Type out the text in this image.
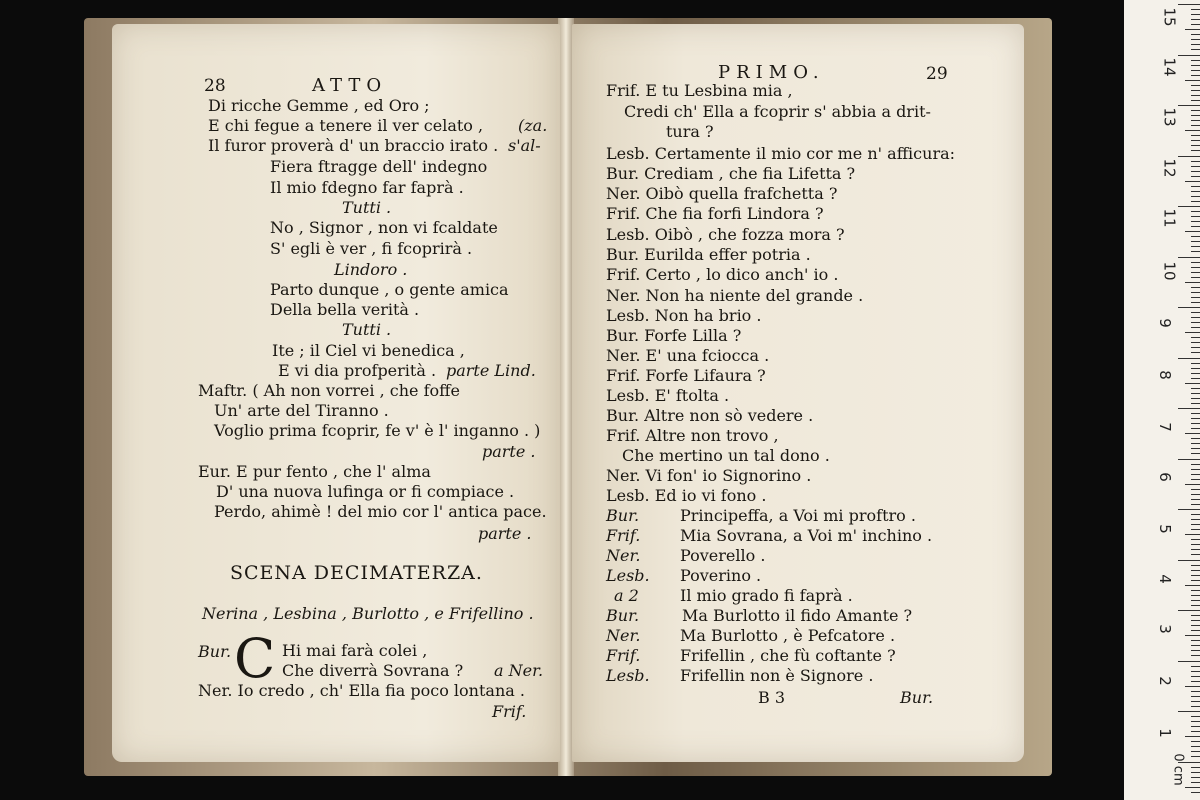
28	ATTO
Di ricche Gemme , ed Oro ;
E chi fegue a tenere il ver celato ,
Il furor proverà d' un braccio irato .
Fiera ftragge dell' indegno
Il mio fdegno far faprà .
Tutti .
No , Signor , non vi fcaldate
S' egli è ver , fi fcoprirà .
Lindoro .
Parto dunque , o gente amica
Della bella verità .
Tutti .
Ite ; il Ciel vi benedica ,
E vi dia profperità .
Maftr. ( Ah non vorrei , che foffe
Un' arte del Tiranno .
Voglio prima fcoprir, fe v' è l' inganno . )
parte .
Eur. E pur fento , che l' alma
D' una nuova lufinga or fi compiace .
Perdo, ahimè ! del mio cor l' antica pace.
parte .
(za.
s'al-
parte Lind.
SCENA DECIMATERZA.
Nerina , Lesbina , Burlotto , e Frifellino .
Bur. C Hi mai farà colei ,
Che diverrà Sovrana ? a Ner.
Ner. Io credo , ch' Ella fia poco lontana .
Frif.
PRIMO.	29
Frif. E tu Lesbina mia ,
Credi ch' Ella a fcoprir s' abbia a drit-
tura ?
Lesb. Certamente il mio cor me n' afficura:
Bur. Crediam , che fia Lifetta ?
Ner. Oibò quella frafchetta ?
Frif. Che fia forfi Lindora ?
Lesb. Oibò , che fozza mora ?
Bur. Eurilda effer potria .
Frif. Certo , lo dico anch' io .
Ner. Non ha niente del grande .
Lesb. Non ha brio .
Bur. Forfe Lilla ?
Ner. E' una fciocca .
Frif. Forfe Lifaura ?
Lesb. E' ftolta .
Bur. Altre non sò vedere .
Frif. Altre non trovo ,
Che mertino un tal dono .
Ner. Vi fon' io Signorino .
Lesb. Ed io vi fono .
Bur.	Principeffa, a Voi mi proftro .
Frif. Mia Sovrana, a Voi m' inchino .
Ner. Poverello .
Lesb. Poverino .
a 2	Il mio grado fi faprà .
Bur.	Ma Burlotto il fido Amante ?
Ner. Ma Burlotto , è Pefcatore .
Frif. Frifellin , che fù coftante ?
Lesb. Frifellin non è Signore .
B 3	Bur.
15
14
13
12
11
10
9
8
7
6
5
4
3
2
1
0 cm
